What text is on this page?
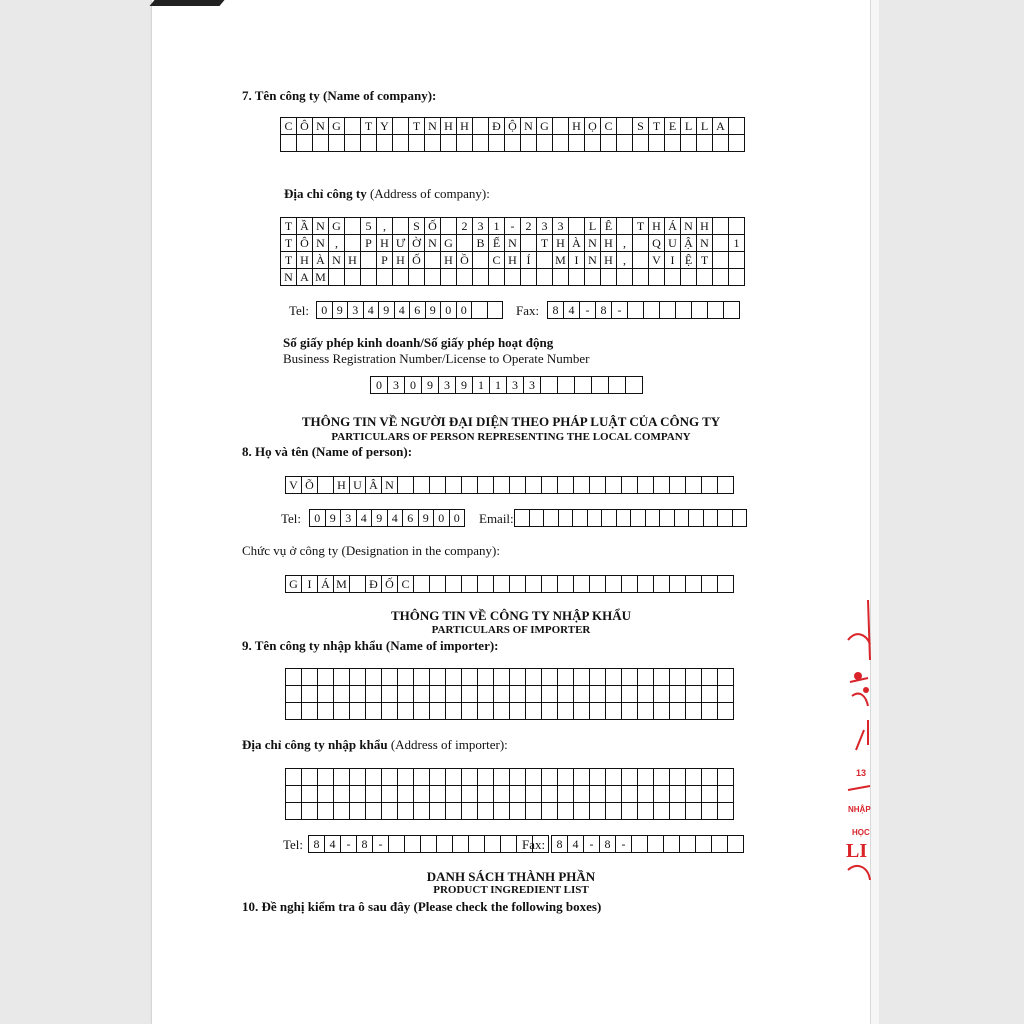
7. Tên công ty (Name of company):
C Ô N G	T Y	T N H H	Đ Ộ N G	H Ọ C	S T E L L A
Địa chỉ công ty (Address of company):
T Ầ N G	5 ,	S Ố	2 3 1 - 2 3 3	L Ê	T H Á N H
T Ô N ,	P H Ư Ờ N G	B Ế N	T H À N H ,	Q U Ậ N	1
T H À N H	P H Ố	H Ồ	C H Í	M I N H ,	V I Ệ T
N A M
Tel:	0 9 3 4 9 4 6 9 0 0	Fax:	8 4 - 8 -
Số giấy phép kinh doanh/Số giấy phép hoạt động
Business Registration Number/License to Operate Number
0 3 0 9 3 9 1 1 3 3
THÔNG TIN VỀ NGƯỜI ĐẠI DIỆN THEO PHÁP LUẬT CỦA CÔNG TY
PARTICULARS OF PERSON REPRESENTING THE LOCAL COMPANY
8. Họ và tên (Name of person):
V Õ	H U Â N
Tel:	0 9 3 4 9 4 6 9 0 0	Email:
Chức vụ ở công ty (Designation in the company):
G I Á M Đ Ố C
THÔNG TIN VỀ CÔNG TY NHẬP KHẨU
PARTICULARS OF IMPORTER
9. Tên công ty nhập khẩu (Name of importer):
Địa chỉ công ty nhập khẩu (Address of importer):
Tel: 8 4 - 8 -	Fax: 8 4 - 8 -
DANH SÁCH THÀNH PHẦN
PRODUCT INGREDIENT LIST
10. Đề nghị kiểm tra ô sau đây (Please check the following boxes)
NHẬP
HỌC
LI
13
